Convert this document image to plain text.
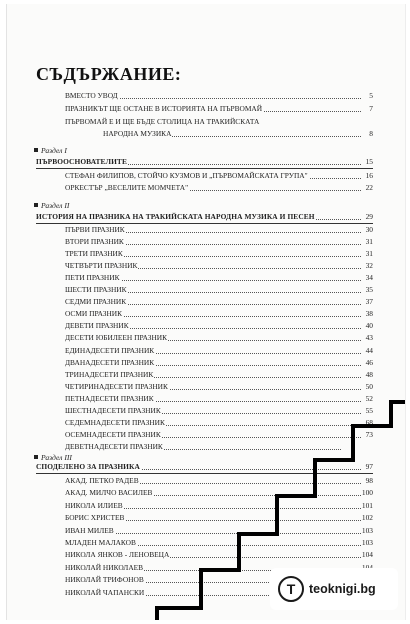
СЪДЪРЖАНИЕ:
ВМЕСТО УВОД	5
ПРАЗНИКЪТ ЩЕ ОСТАНЕ В ИСТОРИЯТА НА ПЪРВОМАЙ	7
ПЪРВОМАЙ Е И ЩЕ БЪДЕ СТОЛИЦА НА ТРАКИЙСКАТА
НАРОДНА МУЗИКА	8
Раздел I
ПЪРВООСНОВАТЕЛИТЕ	15
СТЕФАН ФИЛИПОВ, СТОЙЧО КУЗМОВ И „ПЪРВОМАЙСКАТА ГРУПА"	16
ОРКЕСТЪР „ВЕСЕЛИТЕ МОМЧЕТА"	22
Раздел II
ИСТОРИЯ НА ПРАЗНИКА НА ТРАКИЙСКАТА НАРОДНА МУЗИКА И ПЕСЕН	29
ПЪРВИ ПРАЗНИК	30
ВТОРИ ПРАЗНИК	31
ТРЕТИ ПРАЗНИК	31
ЧЕТВЪРТИ ПРАЗНИК	32
ПЕТИ ПРАЗНИК	34
ШЕСТИ ПРАЗНИК	35
СЕДМИ ПРАЗНИК	37
ОСМИ ПРАЗНИК	38
ДЕВЕТИ ПРАЗНИК	40
ДЕСЕТИ ЮБИЛЕЕН ПРАЗНИК	43
ЕДИНАДЕСЕТИ ПРАЗНИК	44
ДВАНАДЕСЕТИ ПРАЗНИК	46
ТРИНАДЕСЕТИ ПРАЗНИК	48
ЧЕТИРИНАДЕСЕТИ ПРАЗНИК	50
ПЕТНАДЕСЕТИ ПРАЗНИК	52
ШЕСТНАДЕСЕТИ ПРАЗНИК	55
СЕДЕМНАДЕСЕТИ ПРАЗНИК	68
ОСЕМНАДЕСЕТИ ПРАЗНИК	73
ДЕВЕТНАДЕСЕТИ ПРАЗНИК
Раздел III
СПОДЕЛЕНО ЗА ПРАЗНИКА	97
АКАД. ПЕТКО РАДЕВ	98
АКАД. МИЛЧО ВАСИЛЕВ	100
НИКОЛА ИЛИЕВ	101
БОРИС ХРИСТЕВ	102
ИВАН МИЛЕВ	103
МЛАДЕН МАЛАКОВ	103
НИКОЛА ЯНКОВ - ЛЕНОВЕЦА	104
НИКОЛАЙ НИКОЛАЕВ
НИКОЛАЙ ТРИФОНОВ
НИКОЛАЙ ЧАПАНСКИ	T	teoknigi.bg
